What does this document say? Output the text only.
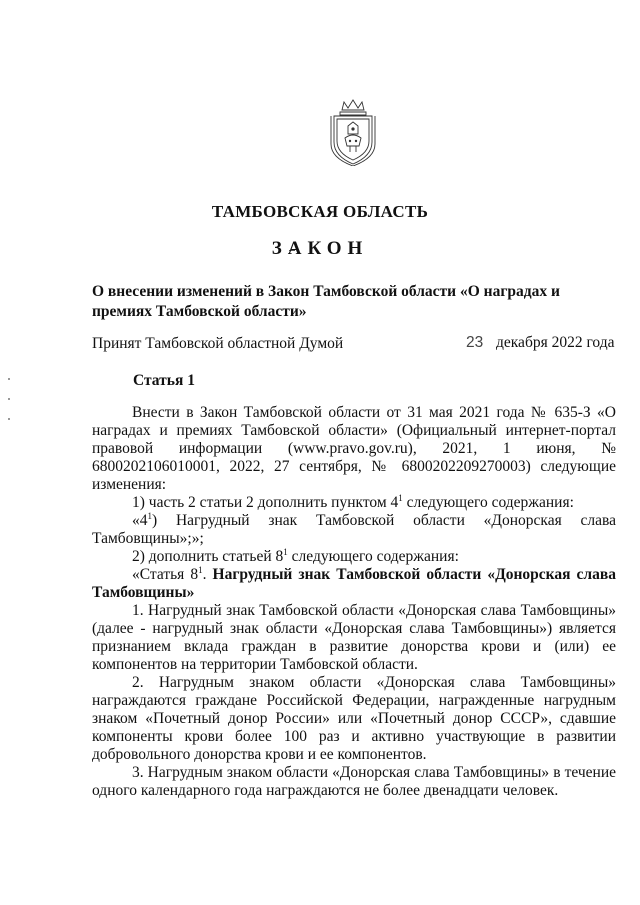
ТАМБОВСКАЯ ОБЛАСТЬ
ЗАКОН
О внесении изменений в Закон Тамбовской области «О наградах и премиях Тамбовской области»
Принят Тамбовской областной Думой	23 декабря 2022 года
Статья 1

Внести в Закон Тамбовской области от 31 мая 2021 года № 635-З «О наградах и премиях Тамбовской области» (Официальный интернет-портал правовой информации (www.pravo.gov.ru), 2021, 1 июня, № 6800202106010001, 2022, 27 сентября, № 6800202209270003) следующие изменения:

1) часть 2 статьи 2 дополнить пунктом $4^1$ следующего содержания:

«$4^1$) Нагрудный знак Тамбовской области «Донорская слава Тамбовщины»;»;

2) дополнить статьей $8^1$ следующего содержания:

«Статья $8^1$. Нагрудный знак Тамбовской области «Донорская слава Тамбовщины»

1. Нагрудный знак Тамбовской области «Донорская слава Тамбовщины» (далее - нагрудный знак области «Донорская слава Тамбовщины») является признанием вклада граждан в развитие донорства крови и (или) ее компонентов на территории Тамбовской области.

2. Нагрудным знаком области «Донорская слава Тамбовщины» награждаются граждане Российской Федерации, награжденные нагрудным знаком «Почетный донор России» или «Почетный донор СССР», сдавшие компоненты крови более 100 раз и активно участвующие в развитии добровольного донорства крови и ее компонентов.

3. Нагрудным знаком области «Донорская слава Тамбовщины» в течение одного календарного года награждаются не более двенадцати человек.
